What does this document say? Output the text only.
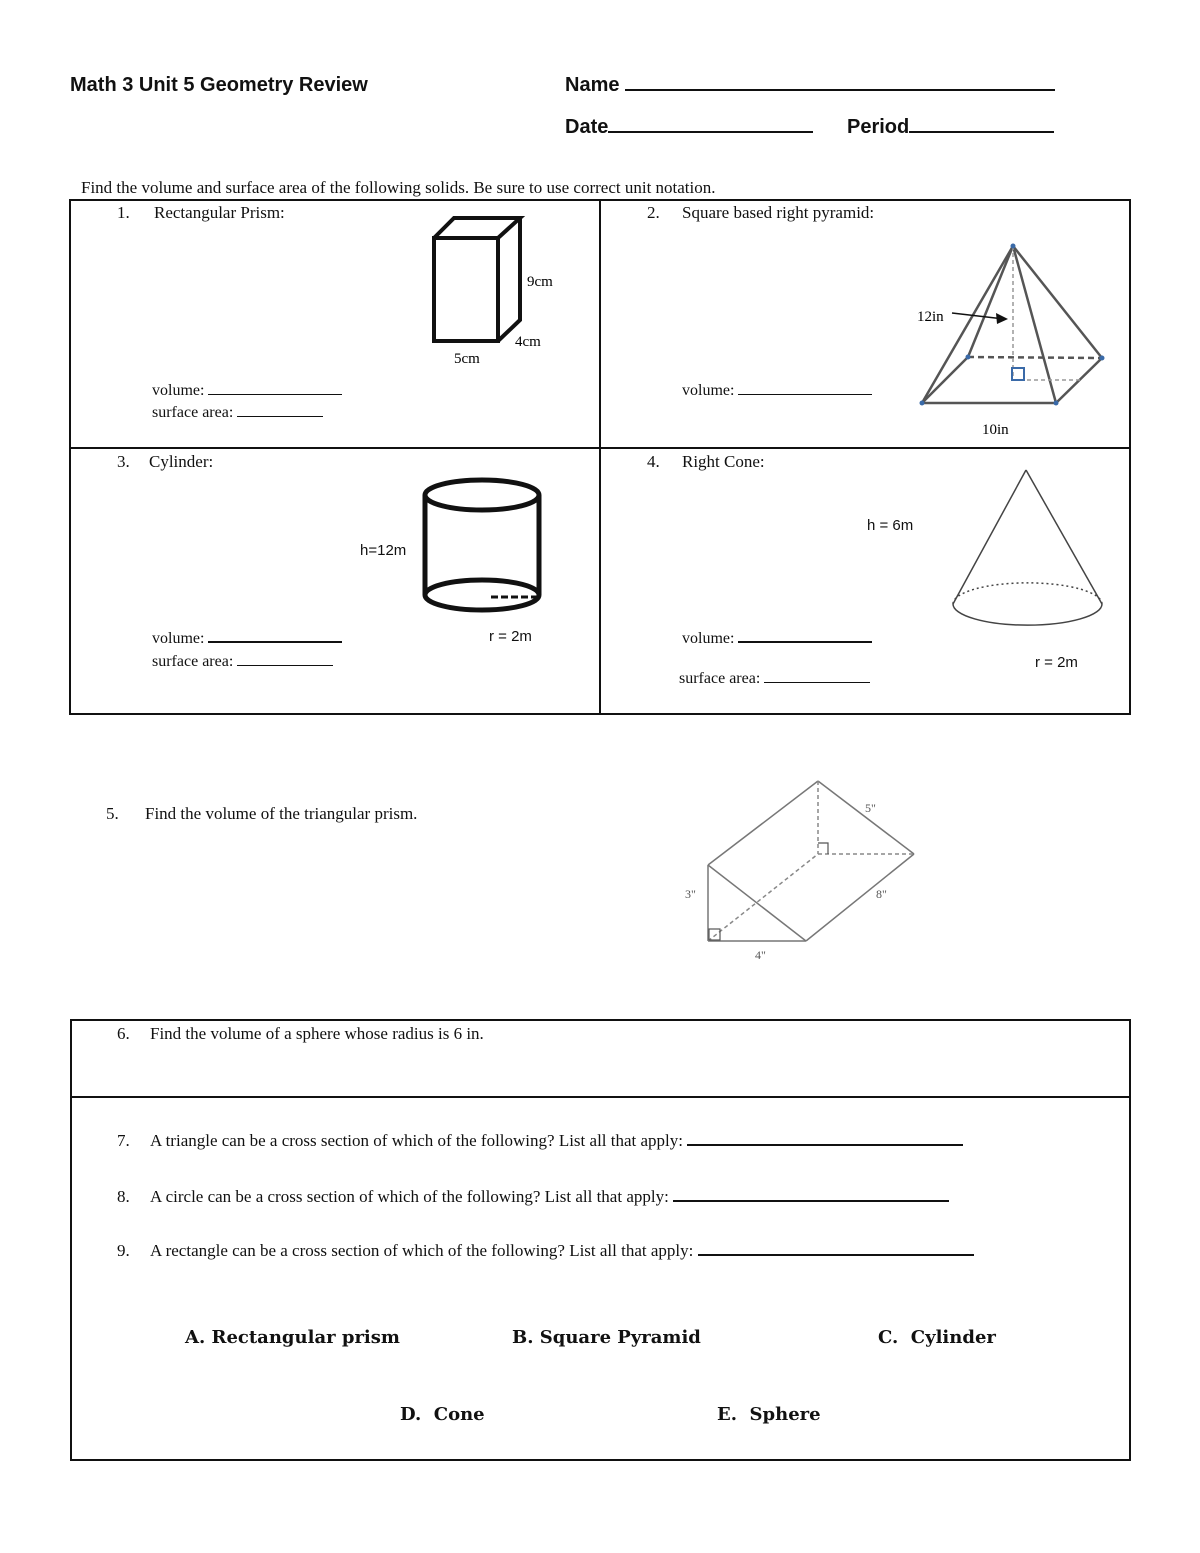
Math 3 Unit 5 Geometry Review	Name
Date	Period
Find the volume and surface area of the following solids. Be sure to use correct unit notation.
1. Rectangular Prism:
9cm
4cm
5cm
volume:
surface area:
2. Square based right pyramid:
12in
10in
volume:
3. Cylinder:
h=12m
r = 2m
volume:
surface area:
4. Right Cone:
h = 6m
r = 2m
volume:
surface area:
5. Find the volume of the triangular prism.	5"
3"	8"
4"
6. Find the volume of a sphere whose radius is 6 in.
7. A triangle can be a cross section of which of the following? List all that apply:
8. A circle can be a cross section of which of the following? List all that apply:
9. A rectangle can be a cross section of which of the following? List all that apply:
A. Rectangular prism	B. Square Pyramid	C.  Cylinder
D.  Cone	E.  Sphere
